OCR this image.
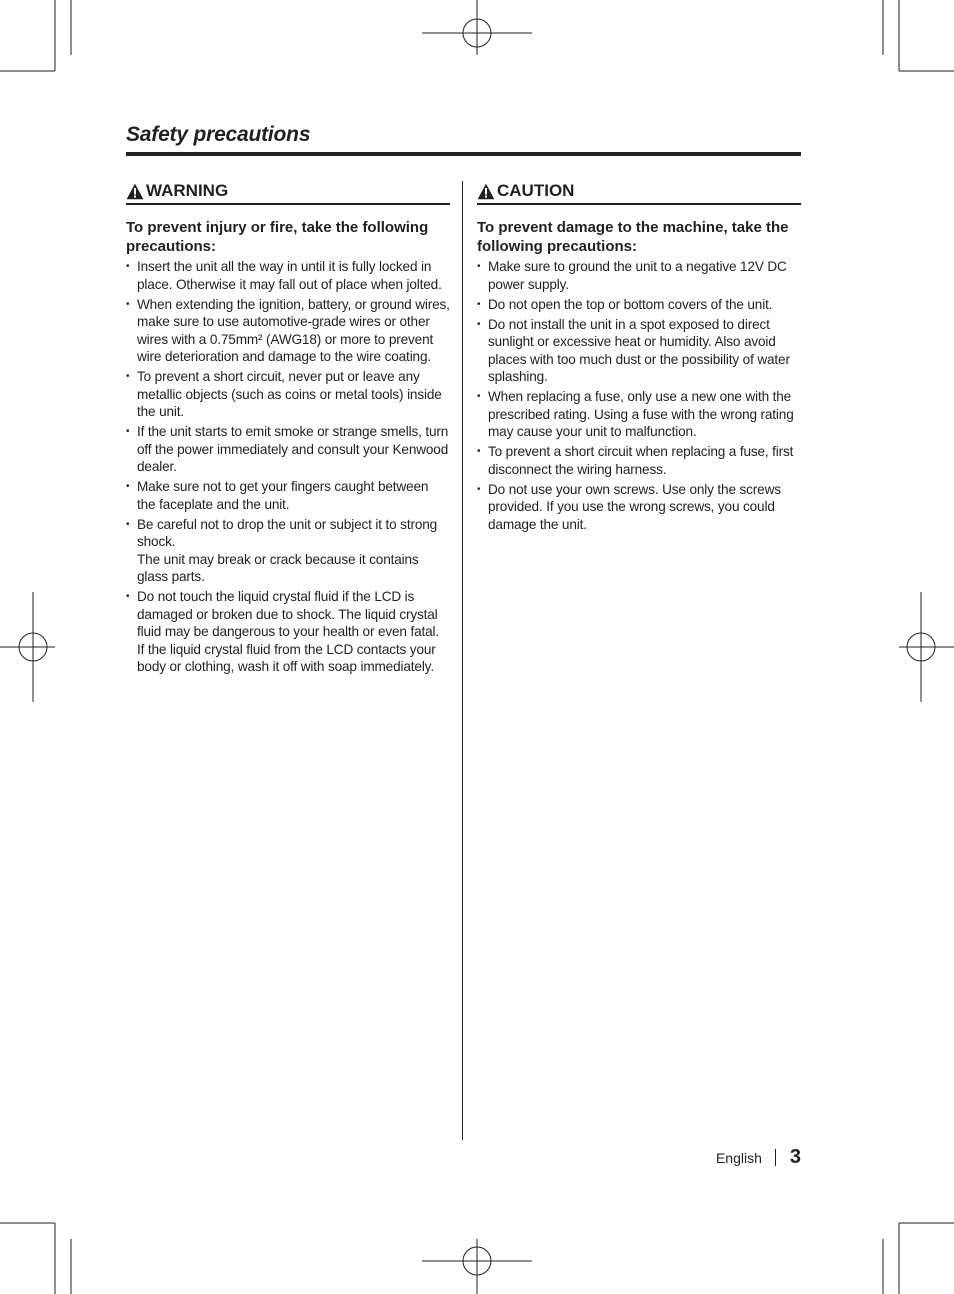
Safety precautions
WARNING
To prevent injury or fire, take the following precautions:

• Insert the unit all the way in until it is fully locked in place. Otherwise it may fall out of place when jolted.

• When extending the ignition, battery, or ground wires, make sure to use automotive-grade wires or other wires with a 0.75mm² (AWG18) or more to prevent wire deterioration and damage to the wire coating.

• To prevent a short circuit, never put or leave any metallic objects (such as coins or metal tools) inside the unit.

• If the unit starts to emit smoke or strange smells, turn off the power immediately and consult your Kenwood dealer.

• Make sure not to get your fingers caught between the faceplate and the unit.

• Be careful not to drop the unit or subject it to strong shock.

The unit may break or crack because it contains glass parts.

• Do not touch the liquid crystal fluid if the LCD is damaged or broken due to shock. The liquid crystal fluid may be dangerous to your health or even fatal.

If the liquid crystal fluid from the LCD contacts your body or clothing, wash it off with soap immediately.

CAUTION
To prevent damage to the machine, take the following precautions:

• Make sure to ground the unit to a negative 12V DC power supply.

• Do not open the top or bottom covers of the unit.

• Do not install the unit in a spot exposed to direct sunlight or excessive heat or humidity. Also avoid places with too much dust or the possibility of water splashing.

• When replacing a fuse, only use a new one with the prescribed rating. Using a fuse with the wrong rating may cause your unit to malfunction.

• To prevent a short circuit when replacing a fuse, first disconnect the wiring harness.

• Do not use your own screws. Use only the screws provided. If you use the wrong screws, you could damage the unit.

English 3
